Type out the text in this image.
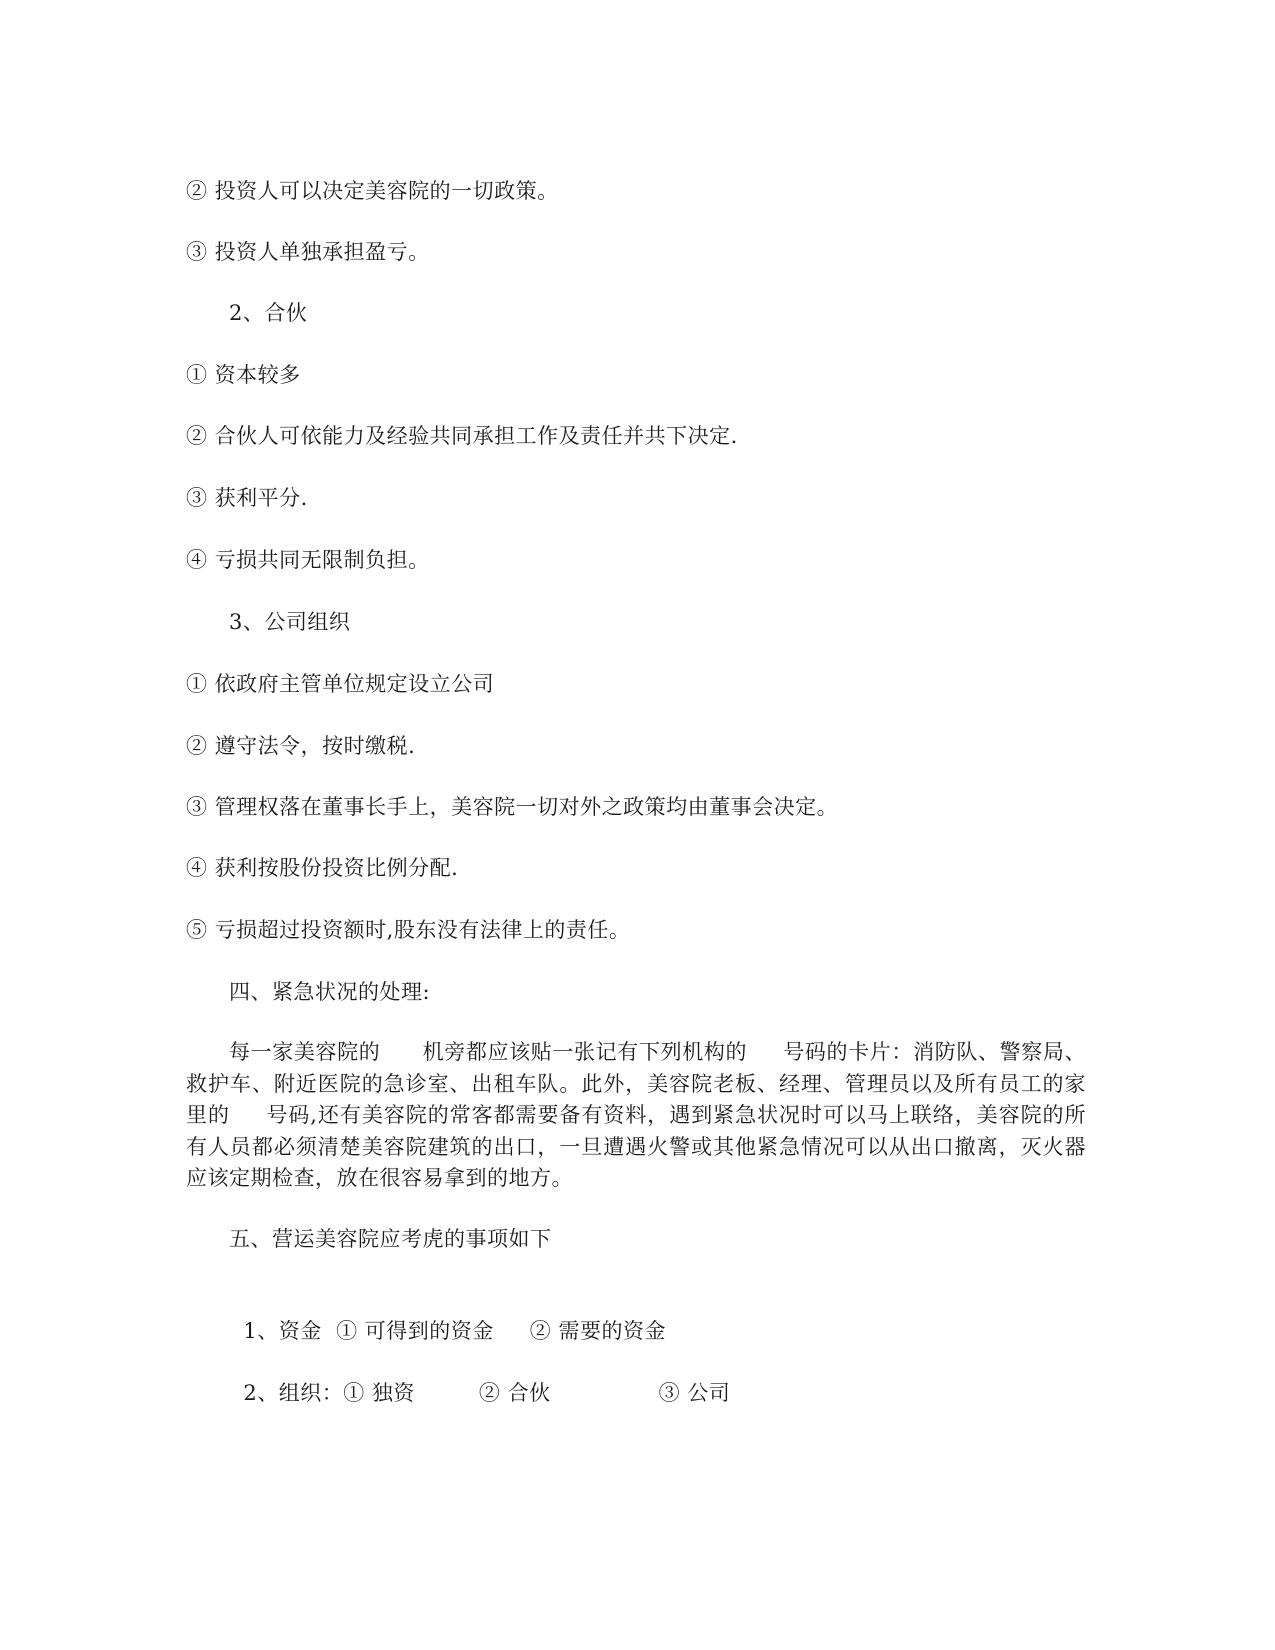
② 投资人可以决定美容院的一切政策。
③ 投资人单独承担盈亏。
2、合伙
① 资本较多
② 合伙人可依能力及经验共同承担工作及责任并共下决定.
③ 获利平分.
④ 亏损共同无限制负担。
3、公司组织
① 依政府主管单位规定设立公司
② 遵守法令，按时缴税.
③ 管理权落在董事长手上，美容院一切对外之政策均由董事会决定。
④ 获利按股份投资比例分配.
⑤ 亏损超过投资额时,股东没有法律上的责任。
四、紧急状况的处理:
每一家美容院的 机旁都应该贴一张记有下列机构的 号码的卡片：消防队、警察局、救护车、附近医院的急诊室、出租车队。此外，美容院老板、经理、管理员以及所有员工的家里的 号码,还有美容院的常客都需要备有资料，遇到紧急状况时可以马上联络，美容院的所有人员都必须清楚美容院建筑的出口，一旦遭遇火警或其他紧急情况可以从出口撤离，灭火器应该定期检查，放在很容易拿到的地方。
五、营运美容院应考虎的事项如下

1、资金 ① 可得到的资金 ② 需要的资金

2、组织：① 独资	② 合伙	③ 公司
